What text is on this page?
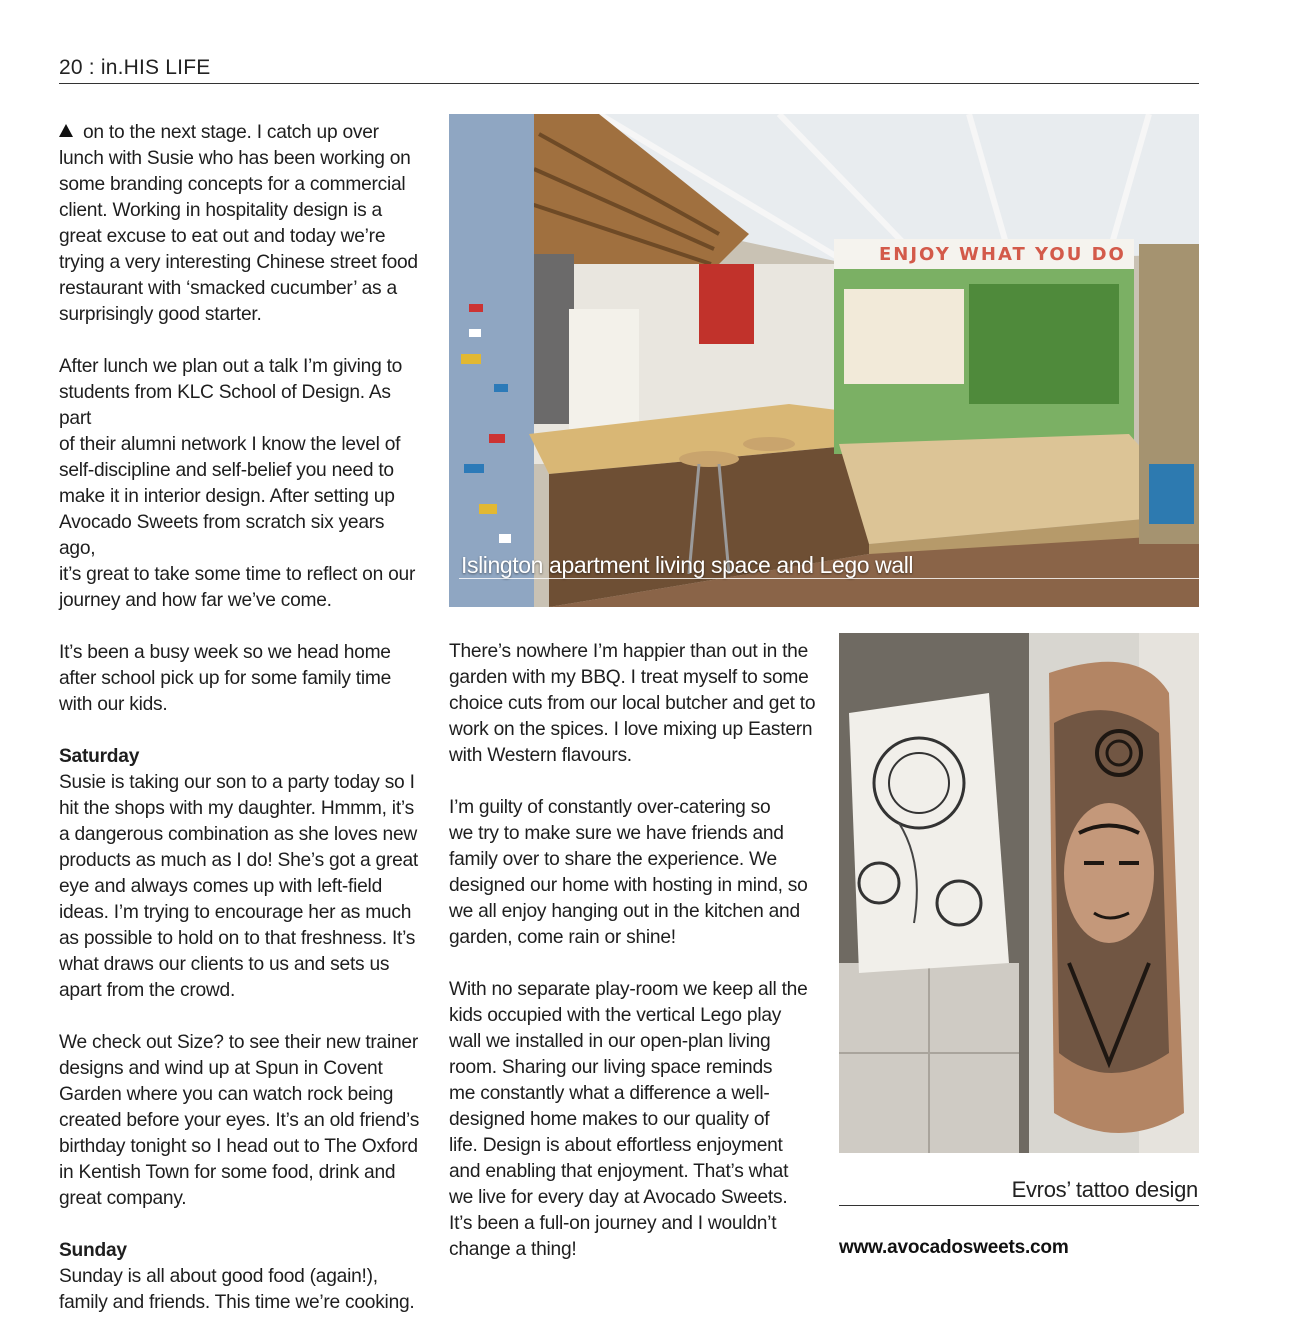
20 : in.HIS LIFE

on to the next stage. I catch up over
lunch with Susie who has been working on
some branding concepts for a commercial
client. Working in hospitality design is a
great excuse to eat out and today we’re
trying a very interesting Chinese street food
restaurant with ‘smacked cucumber’ as a
surprisingly good starter.

After lunch we plan out a talk I’m giving to
students from KLC School of Design. As part
of their alumni network I know the level of
self-discipline and self-belief you need to
make it in interior design. After setting up
Avocado Sweets from scratch six years ago,
it’s great to take some time to reflect on our
journey and how far we’ve come.

It’s been a busy week so we head home
after school pick up for some family time
with our kids.

Saturday

Susie is taking our son to a party today so I
hit the shops with my daughter. Hmmm, it’s
a dangerous combination as she loves new
products as much as I do! She’s got a great
eye and always comes up with left-field
ideas. I’m trying to encourage her as much
as possible to hold on to that freshness. It’s
what draws our clients to us and sets us
apart from the crowd.

We check out Size? to see their new trainer
designs and wind up at Spun in Covent
Garden where you can watch rock being
created before your eyes. It’s an old friend’s
birthday tonight so I head out to The Oxford
in Kentish Town for some food, drink and
great company.

Sunday

Sunday is all about good food (again!),
family and friends. This time we’re cooking.

ENJOY WHAT YOU DO
Islington apartment living space and Lego wall

There’s nowhere I’m happier than out in the
garden with my BBQ. I treat myself to some
choice cuts from our local butcher and get to
work on the spices. I love mixing up Eastern
with Western flavours.

I’m guilty of constantly over-catering so
we try to make sure we have friends and
family over to share the experience. We
designed our home with hosting in mind, so
we all enjoy hanging out in the kitchen and
garden, come rain or shine!

With no separate play-room we keep all the
kids occupied with the vertical Lego play
wall we installed in our open-plan living
room. Sharing our living space reminds
me constantly what a difference a well-
designed home makes to our quality of
life. Design is about effortless enjoyment
and enabling that enjoyment. That’s what
we live for every day at Avocado Sweets.
It’s been a full-on journey and I wouldn’t
change a thing!

Evros’ tattoo design
www.avocadosweets.com
